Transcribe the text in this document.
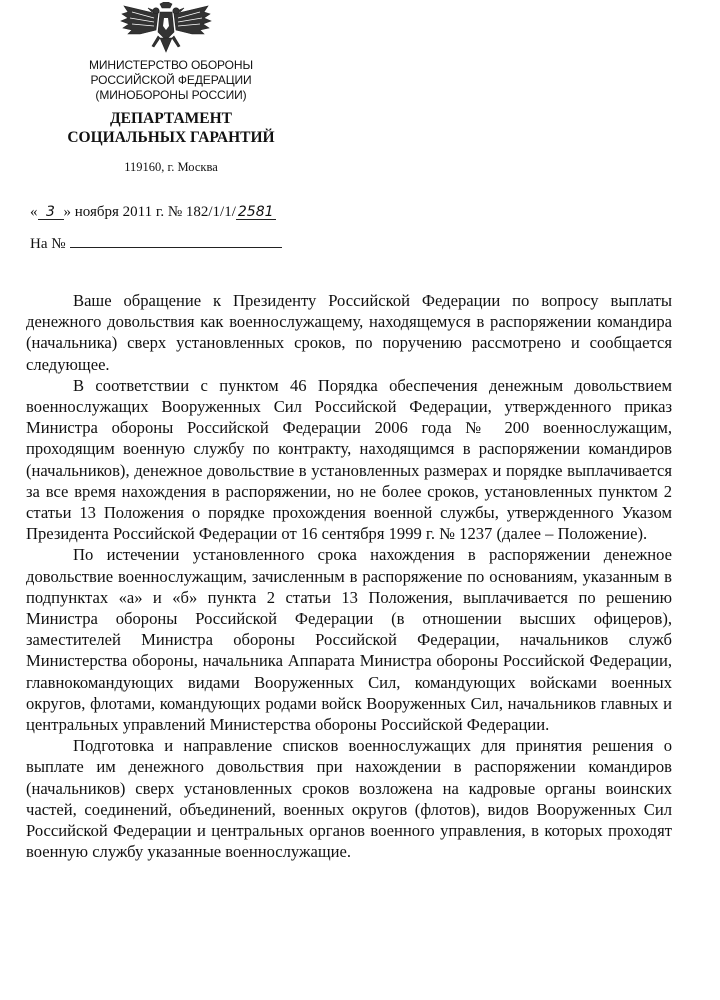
МИНИСТЕРСТВО ОБОРОНЫ
РОССИЙСКОЙ ФЕДЕРАЦИИ
(МИНОБОРОНЫ РОССИИ)
ДЕПАРТАМЕНТ
СОЦИАЛЬНЫХ ГАРАНТИЙ
119160, г. Москва
« 3 » ноября 2011 г. № 182/1/1/ 2581
На №

Ваше обращение к Президенту Российской Федерации по вопросу выплаты денежного довольствия как военнослужащему, находящемуся в распоряжении командира (начальника) сверх установленных сроков, по поручению рассмотрено и сообщается следующее.

В соответствии с пунктом 46 Порядка обеспечения денежным довольствием военнослужащих Вооруженных Сил Российской Федерации, утвержденного приказ Министра обороны Российской Федерации 2006 года № 200 военнослужащим, проходящим военную службу по контракту, находящимся в распоряжении командиров (начальников), денежное довольствие в установленных размерах и порядке выплачивается за все время нахождения в распоряжении, но не более сроков, установленных пунктом 2 статьи 13 Положения о порядке прохождения военной службы, утвержденного Указом Президента Российской Федерации от 16 сентября 1999 г. № 1237 (далее – Положение).

По истечении установленного срока нахождения в распоряжении денежное довольствие военнослужащим, зачисленным в распоряжение по основаниям, указанным в подпунктах «а» и «б» пункта 2 статьи 13 Положения, выплачивается по решению Министра обороны Российской Федерации (в отношении высших офицеров), заместителей Министра обороны Российской Федерации, начальников служб Министерства обороны, начальника Аппарата Министра обороны Российской Федерации, главнокомандующих видами Вооруженных Сил, командующих войсками военных округов, флотами, командующих родами войск Вооруженных Сил, начальников главных и центральных управлений Министерства обороны Российской Федерации.

Подготовка и направление списков военнослужащих для принятия решения о выплате им денежного довольствия при нахождении в распоряжении командиров (начальников) сверх установленных сроков возложена на кадровые органы воинских частей, соединений, объединений, военных округов (флотов), видов Вооруженных Сил Российской Федерации и центральных органов военного управления, в которых проходят военную службу указанные военнослужащие.
